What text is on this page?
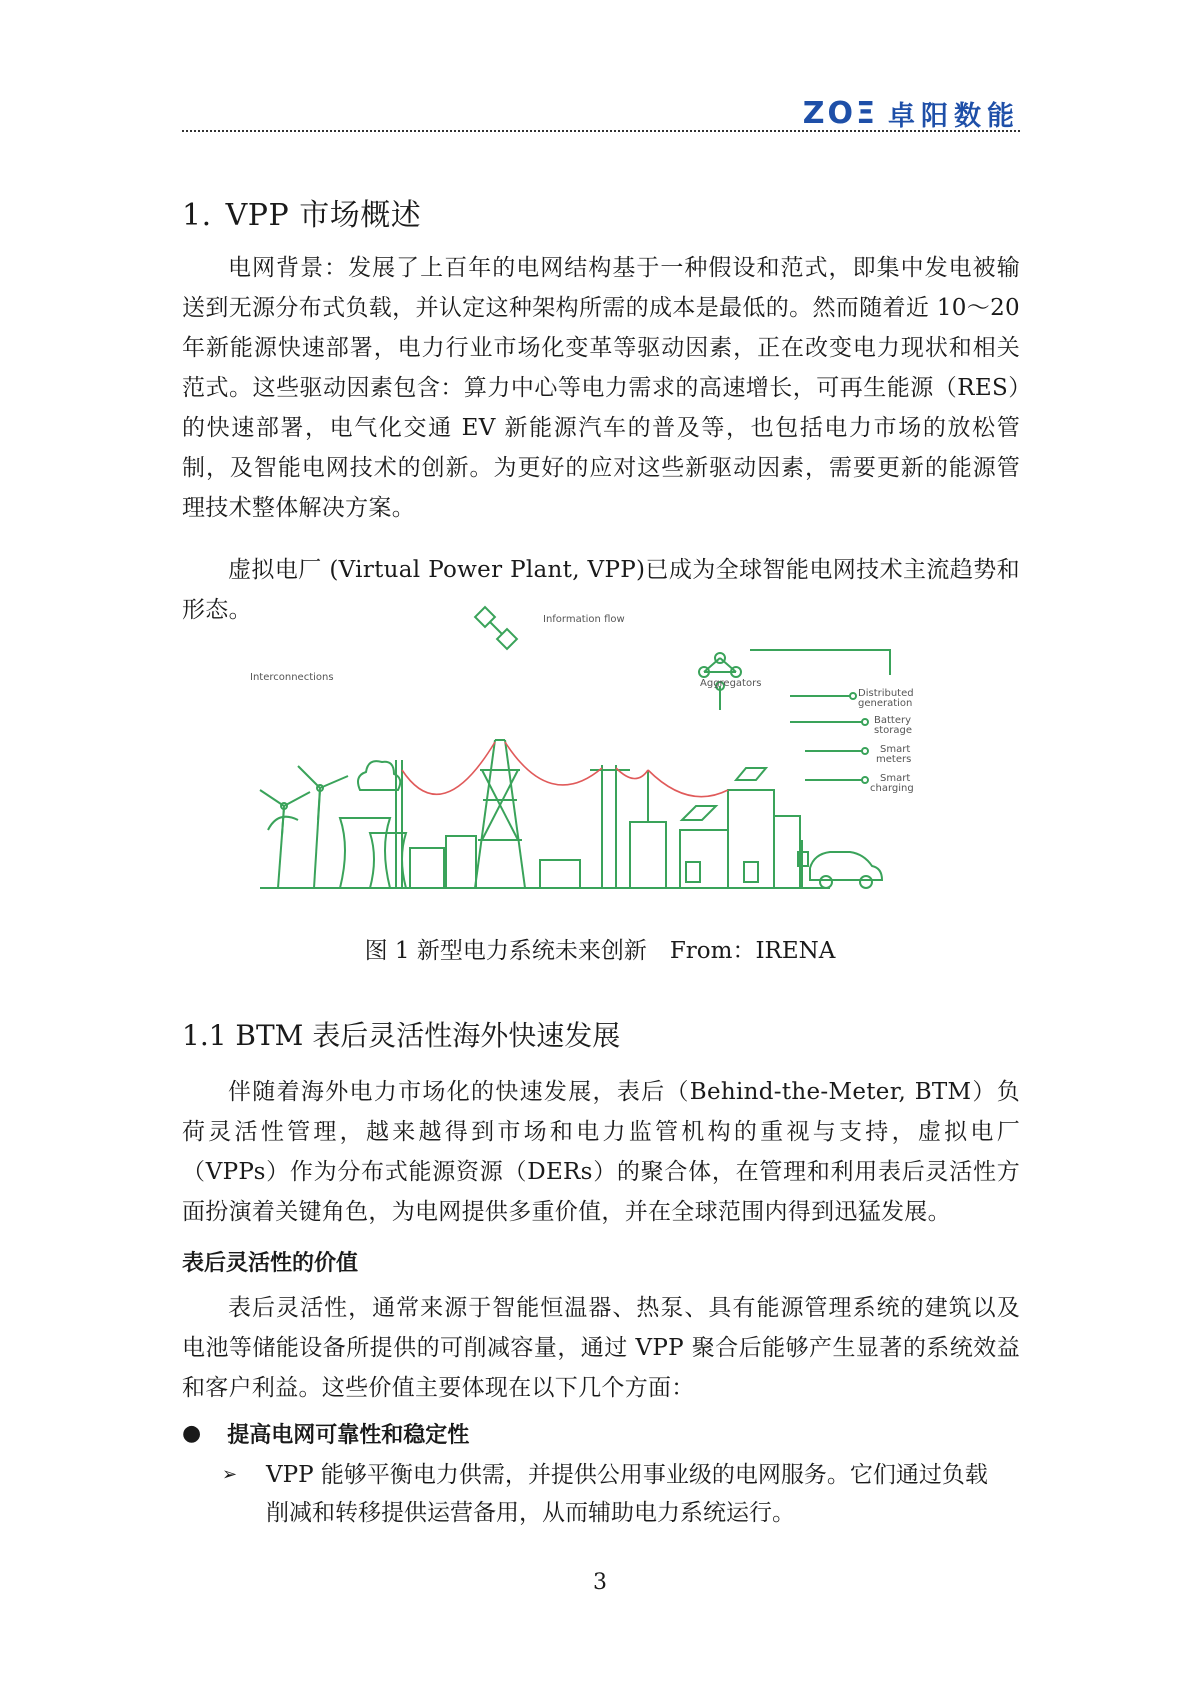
ZOΞ 卓阳数能
1. VPP 市场概述

电网背景：发展了上百年的电网结构基于一种假设和范式，即集中发电被输送到无源分布式负载，并认定这种架构所需的成本是最低的。然而随着近 10～20 年新能源快速部署，电力行业市场化变革等驱动因素，正在改变电力现状和相关范式。这些驱动因素包含：算力中心等电力需求的高速增长，可再生能源（RES）的快速部署，电气化交通 EV 新能源汽车的普及等，也包括电力市场的放松管制，及智能电网技术的创新。为更好的应对这些新驱动因素，需要更新的能源管理技术整体解决方案。

虚拟电厂 (Virtual Power Plant, VPP)已成为全球智能电网技术主流趋势和形态。	Information flow
Interconnections
Aggregators
Distributed
generation
Battery
storage
Smart
meters
Smart
charging
图 1 新型电力系统未来创新　From：IRENA
1.1 BTM 表后灵活性海外快速发展

伴随着海外电力市场化的快速发展，表后（Behind-the-Meter, BTM）负荷灵活性管理，越来越得到市场和电力监管机构的重视与支持，虚拟电厂（VPPs）作为分布式能源资源（DERs）的聚合体，在管理和利用表后灵活性方面扮演着关键角色，为电网提供多重价值，并在全球范围内得到迅猛发展。

表后灵活性的价值

表后灵活性，通常来源于智能恒温器、热泵、具有能源管理系统的建筑以及电池等储能设备所提供的可削减容量，通过 VPP 聚合后能够产生显著的系统效益和客户利益。这些价值主要体现在以下几个方面：

● 提高电网可靠性和稳定性
➢	VPP 能够平衡电力供需，并提供公用事业级的电网服务。它们通过负载削减和转移提供运营备用，从而辅助电力系统运行。
3
